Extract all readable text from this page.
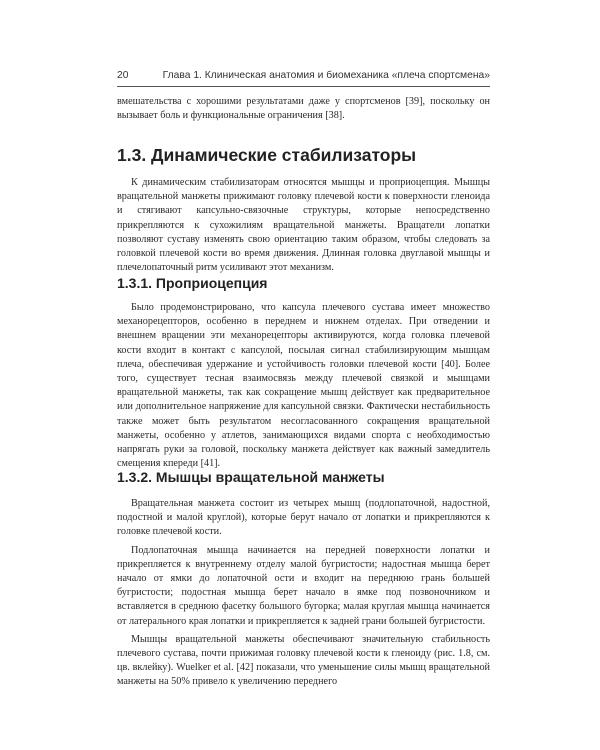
20	Глава 1. Клиническая анатомия и биомеханика «плеча спортсмена»

вмешательства с хорошими результатами даже у спортсменов [39], поскольку он вызывает боль и функциональные ограничения [38].

1.3. Динамические стабилизаторы

К динамическим стабилизаторам относятся мышцы и проприоцепция. Мышцы вращательной манжеты прижимают головку плечевой кости к поверхности гленоида и стягивают капсульно-связочные структуры, которые непосредственно прикрепляются к сухожилиям вращательной манжеты. Вращатели лопатки позволяют суставу изменять свою ориентацию таким образом, чтобы следовать за головкой плечевой кости во время движения. Длинная головка двуглавой мышцы и плечелопаточный ритм усиливают этот механизм.

1.3.1. Проприоцепция

Было продемонстрировано, что капсула плечевого сустава имеет множество механорецепторов, особенно в переднем и нижнем отделах. При отведении и внешнем вращении эти механорецепторы активируются, когда головка плечевой кости входит в контакт с капсулой, посылая сигнал стабилизирующим мышцам плеча, обеспечивая удержание и устойчивость головки плечевой кости [40]. Более того, существует тесная взаимосвязь между плечевой связкой и мышцами вращательной манжеты, так как сокращение мышц действует как предварительное или дополнительное напряжение для капсульной связки. Фактически нестабильность также может быть результатом несогласованного сокращения вращательной манжеты, особенно у атлетов, занимающихся видами спорта с необходимостью напрягать руки за головой, поскольку манжета действует как важный замедлитель смещения кпереди [41].

1.3.2. Мышцы вращательной манжеты

Вращательная манжета состоит из четырех мышц (подлопаточной, надостной, подостной и малой круглой), которые берут начало от лопатки и прикрепляются к головке плечевой кости.

Подлопаточная мышца начинается на передней поверхности лопатки и прикрепляется к внутреннему отделу малой бугристости; надостная мышца берет начало от ямки до лопаточной ости и входит на переднюю грань большей бугристости; подостная мышца берет начало в ямке под позвоночником и вставляется в среднюю фасетку большого бугорка; малая круглая мышца начинается от латерального края лопатки и прикрепляется к задней грани большей бугристости.

Мышцы вращательной манжеты обеспечивают значительную стабильность плечевого сустава, почти прижимая головку плечевой кости к гленоиду (рис. 1.8, см. цв. вклейку). Wuelker et al. [42] показали, что уменьшение силы мышц вращательной манжеты на 50% привело к увеличению переднего
